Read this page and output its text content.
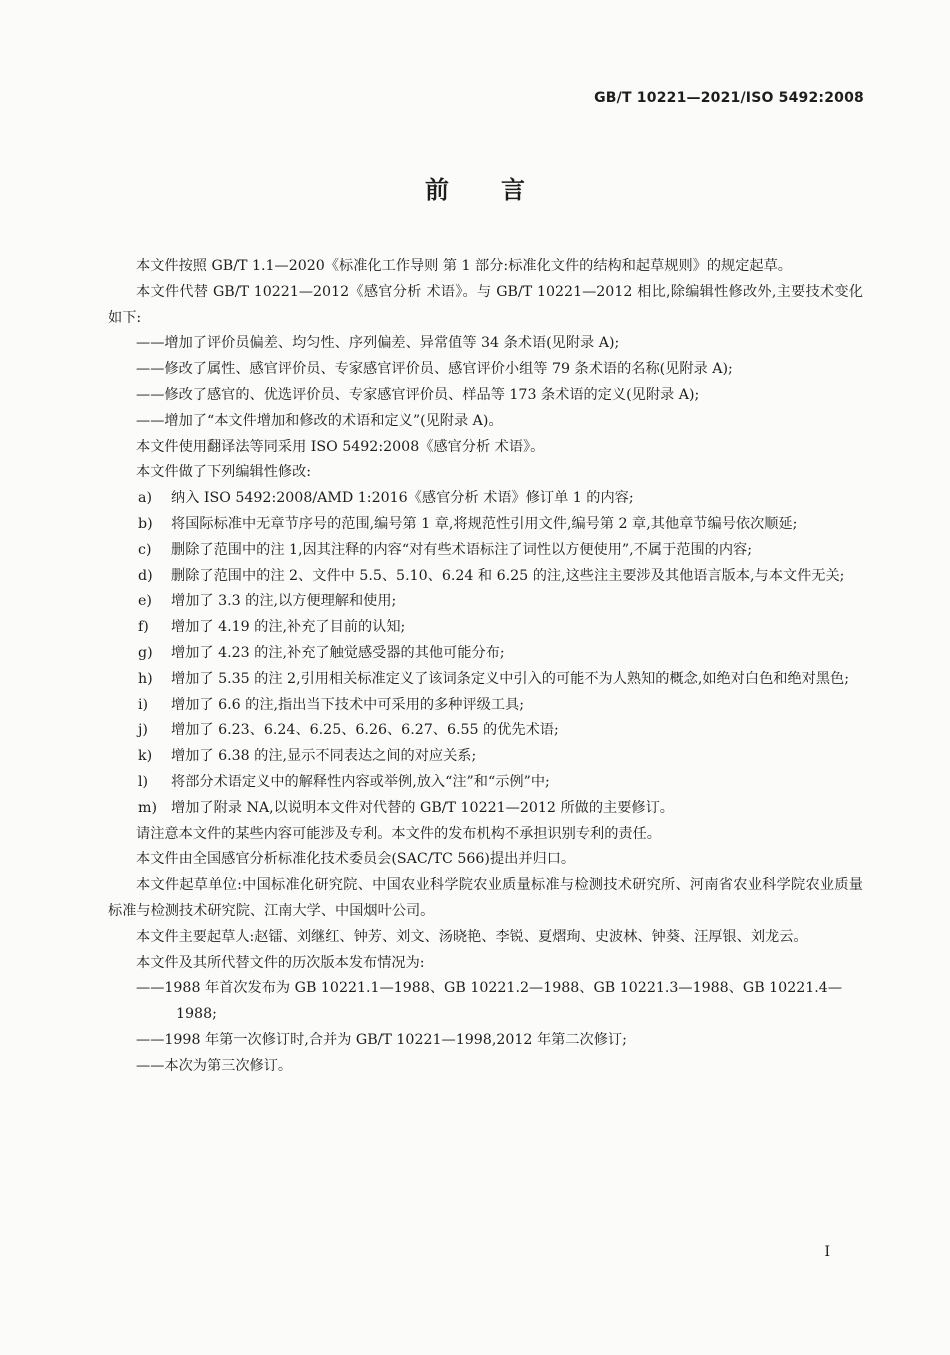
GB/T 10221—2021/ISO 5492:2008
前 言

本文件按照 GB/T 1.1—2020《标准化工作导则 第 1 部分:标准化文件的结构和起草规则》的规定起草。

本文件代替 GB/T 10221—2012《感官分析 术语》。与 GB/T 10221—2012 相比,除编辑性修改外,主要技术变化如下:

——增加了评价员偏差、均匀性、序列偏差、异常值等 34 条术语(见附录 A);

——修改了属性、感官评价员、专家感官评价员、感官评价小组等 79 条术语的名称(见附录 A);

——修改了感官的、优选评价员、专家感官评价员、样品等 173 条术语的定义(见附录 A);

——增加了“本文件增加和修改的术语和定义”(见附录 A)。

本文件使用翻译法等同采用 ISO 5492:2008《感官分析 术语》。

本文件做了下列编辑性修改:

a)	纳入 ISO 5492:2008/AMD 1:2016《感官分析 术语》修订单 1 的内容;
b)	将国际标准中无章节序号的范围,编号第 1 章,将规范性引用文件,编号第 2 章,其他章节编号依次顺延;
c)	删除了范围中的注 1,因其注释的内容“对有些术语标注了词性以方便使用”,不属于范围的内容;
d)	删除了范围中的注 2、文件中 5.5、5.10、6.24 和 6.25 的注,这些注主要涉及其他语言版本,与本文件无关;
e)	增加了 3.3 的注,以方便理解和使用;
f)	增加了 4.19 的注,补充了目前的认知;
g)	增加了 4.23 的注,补充了触觉感受器的其他可能分布;
h)	增加了 5.35 的注 2,引用相关标准定义了该词条定义中引入的可能不为人熟知的概念,如绝对白色和绝对黑色;
i)	增加了 6.6 的注,指出当下技术中可采用的多种评级工具;
j)	增加了 6.23、6.24、6.25、6.26、6.27、6.55 的优先术语;
k)	增加了 6.38 的注,显示不同表达之间的对应关系;
l)	将部分术语定义中的解释性内容或举例,放入“注”和“示例”中;
m) 增加了附录 NA,以说明本文件对代替的 GB/T 10221—2012 所做的主要修订。

请注意本文件的某些内容可能涉及专利。本文件的发布机构不承担识别专利的责任。

本文件由全国感官分析标准化技术委员会(SAC/TC 566)提出并归口。

本文件起草单位:中国标准化研究院、中国农业科学院农业质量标准与检测技术研究所、河南省农业科学院农业质量标准与检测技术研究院、江南大学、中国烟叶公司。

本文件主要起草人:赵镭、刘继红、钟芳、刘文、汤晓艳、李锐、夏熠珣、史波林、钟葵、汪厚银、刘龙云。

本文件及其所代替文件的历次版本发布情况为:

——1988 年首次发布为 GB 10221.1—1988、GB 10221.2—1988、GB 10221.3—1988、GB 10221.4—1988;

——1998 年第一次修订时,合并为 GB/T 10221—1998,2012 年第二次修订;

——本次为第三次修订。

I
